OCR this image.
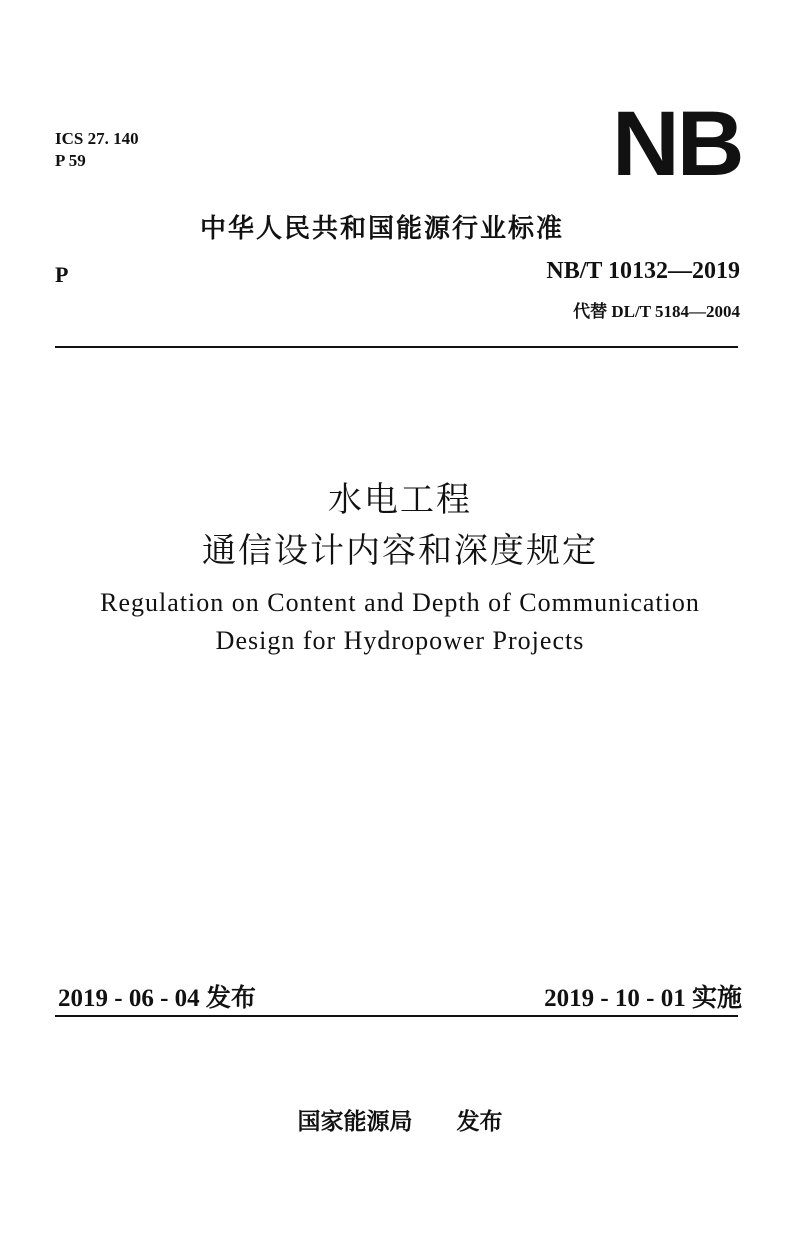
ICS 27. 140
P 59	NB
中华人民共和国能源行业标准
P	NB/T 10132—2019
代替 DL/T 5184—2004
水电工程
通信设计内容和深度规定
Regulation on Content and Depth of Communication
Design for Hydropower Projects
2019 - 06 - 04 发布	2019 - 10 - 01 实施
国家能源局 发布
